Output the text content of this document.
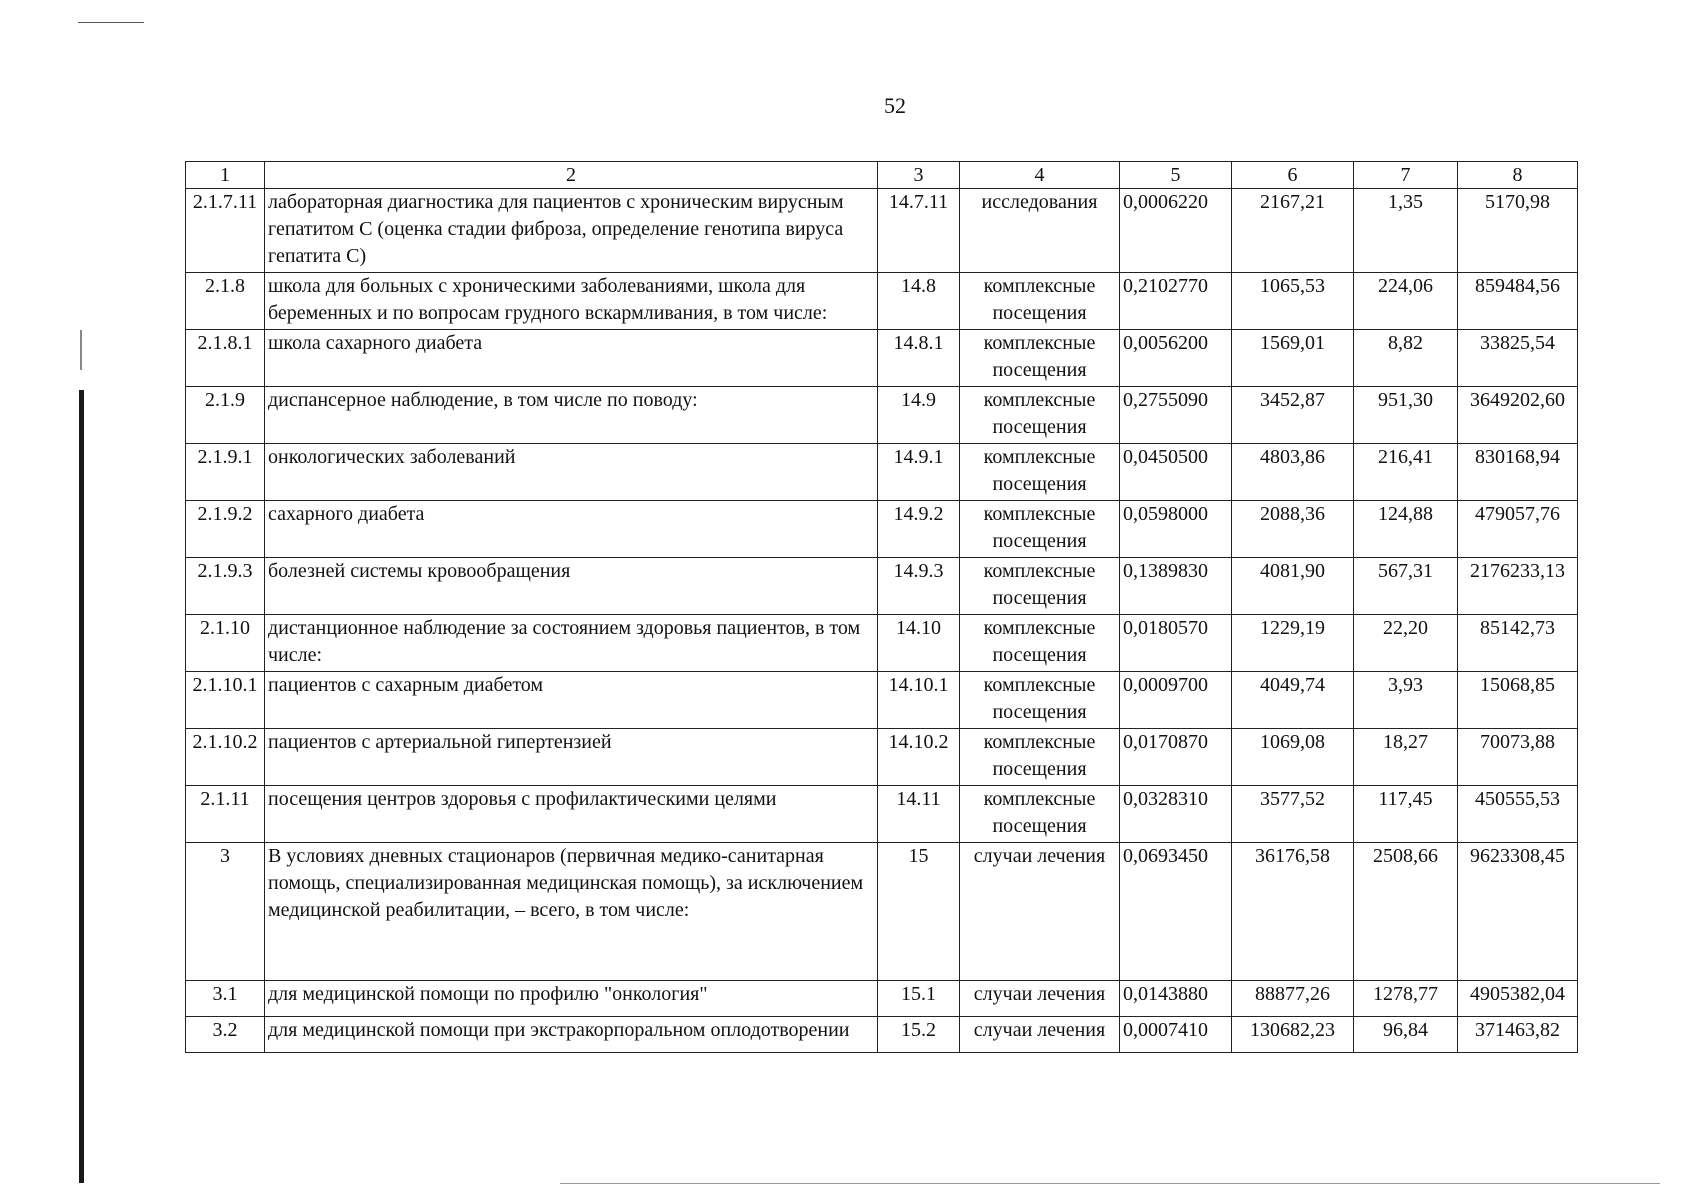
52
1	2	3	4	5	6	7	8
2.1.7.11	лабораторная диагностика для пациентов с хроническим вирусным гепатитом С (оценка стадии фиброза, определение генотипа вируса гепатита С)	14.7.11	исследования	0,0006220	2167,21	1,35	5170,98
2.1.8	школа для больных с хроническими заболеваниями, школа для беременных и по вопросам грудного вскармливания, в том числе:	14.8	комплексные посещения	0,2102770	1065,53	224,06	859484,56
2.1.8.1	школа сахарного диабета	14.8.1	комплексные посещения	0,0056200	1569,01	8,82	33825,54
2.1.9	диспансерное наблюдение, в том числе по поводу:	14.9	комплексные посещения	0,2755090	3452,87	951,30	3649202,60
2.1.9.1	онкологических заболеваний	14.9.1	комплексные посещения	0,0450500	4803,86	216,41	830168,94
2.1.9.2	сахарного диабета	14.9.2	комплексные посещения	0,0598000	2088,36	124,88	479057,76
2.1.9.3	болезней системы кровообращения	14.9.3	комплексные посещения	0,1389830	4081,90	567,31	2176233,13
2.1.10	дистанционное наблюдение за состоянием здоровья пациентов, в том числе:	14.10	комплексные посещения	0,0180570	1229,19	22,20	85142,73
2.1.10.1	пациентов с сахарным диабетом	14.10.1	комплексные посещения	0,0009700	4049,74	3,93	15068,85
2.1.10.2	пациентов с артериальной гипертензией	14.10.2	комплексные посещения	0,0170870	1069,08	18,27	70073,88
2.1.11	посещения центров здоровья с профилактическими целями	14.11	комплексные посещения	0,0328310	3577,52	117,45	450555,53
3	В условиях дневных стационаров (первичная медико-санитарная помощь, специализированная медицинская помощь), за исключением медицинской реабилитации, – всего, в том числе:	15	случаи лечения	0,0693450	36176,58	2508,66	9623308,45
3.1	для медицинской помощи по профилю "онкология"	15.1	случаи лечения	0,0143880	88877,26	1278,77	4905382,04
3.2	для медицинской помощи при экстракорпоральном оплодотворении	15.2	случаи лечения	0,0007410	130682,23	96,84	371463,82
